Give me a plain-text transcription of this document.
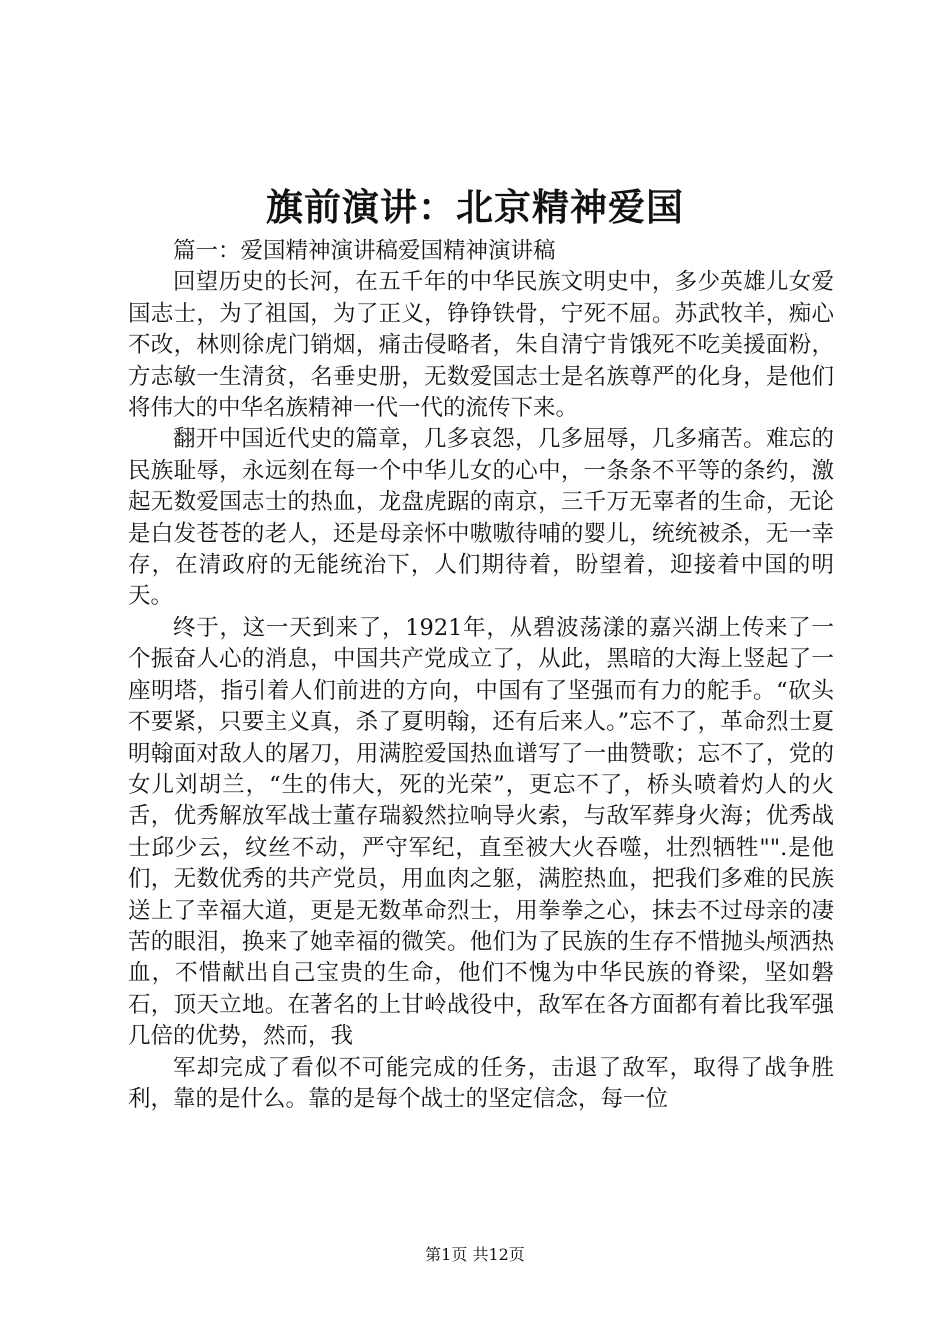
旗前演讲：北京精神爱国

篇一：爱国精神演讲稿爱国精神演讲稿

回望历史的长河，在五千年的中华民族文明史中，多少英雄儿女爱国志士，为了祖国，为了正义，铮铮铁骨，宁死不屈。苏武牧羊，痴心不改，林则徐虎门销烟，痛击侵略者，朱自清宁肯饿死不吃美援面粉，方志敏一生清贫，名垂史册，无数爱国志士是名族尊严的化身，是他们将伟大的中华名族精神一代一代的流传下来。

翻开中国近代史的篇章，几多哀怨，几多屈辱，几多痛苦。难忘的民族耻辱，永远刻在每一个中华儿女的心中，一条条不平等的条约，激起无数爱国志士的热血，龙盘虎踞的南京，三千万无辜者的生命，无论是白发苍苍的老人，还是母亲怀中嗷嗷待哺的婴儿，统统被杀，无一幸存，在清政府的无能统治下，人们期待着，盼望着，迎接着中国的明天。

终于，这一天到来了，1921年，从碧波荡漾的嘉兴湖上传来了一个振奋人心的消息，中国共产党成立了，从此，黑暗的大海上竖起了一座明塔，指引着人们前进的方向，中国有了坚强而有力的舵手。“砍头不要紧，只要主义真，杀了夏明翰，还有后来人。”忘不了，革命烈士夏明翰面对敌人的屠刀，用满腔爱国热血谱写了一曲赞歌；忘不了，党的女儿刘胡兰，“生的伟大，死的光荣”，更忘不了，桥头喷着灼人的火舌，优秀解放军战士董存瑞毅然拉响导火索，与敌军葬身火海；优秀战士邱少云，纹丝不动，严守军纪，直至被大火吞噬，壮烈牺牲"".是他们，无数优秀的共产党员，用血肉之躯，满腔热血，把我们多难的民族送上了幸福大道，更是无数革命烈士，用拳拳之心，抹去不过母亲的凄苦的眼泪，换来了她幸福的微笑。他们为了民族的生存不惜抛头颅洒热血，不惜献出自己宝贵的生命，他们不愧为中华民族的脊梁，坚如磐石，顶天立地。在著名的上甘岭战役中，敌军在各方面都有着比我军强几倍的优势，然而，我

军却完成了看似不可能完成的任务，击退了敌军，取得了战争胜利，靠的是什么。靠的是每个战士的坚定信念，每一位

第1页 共12页
